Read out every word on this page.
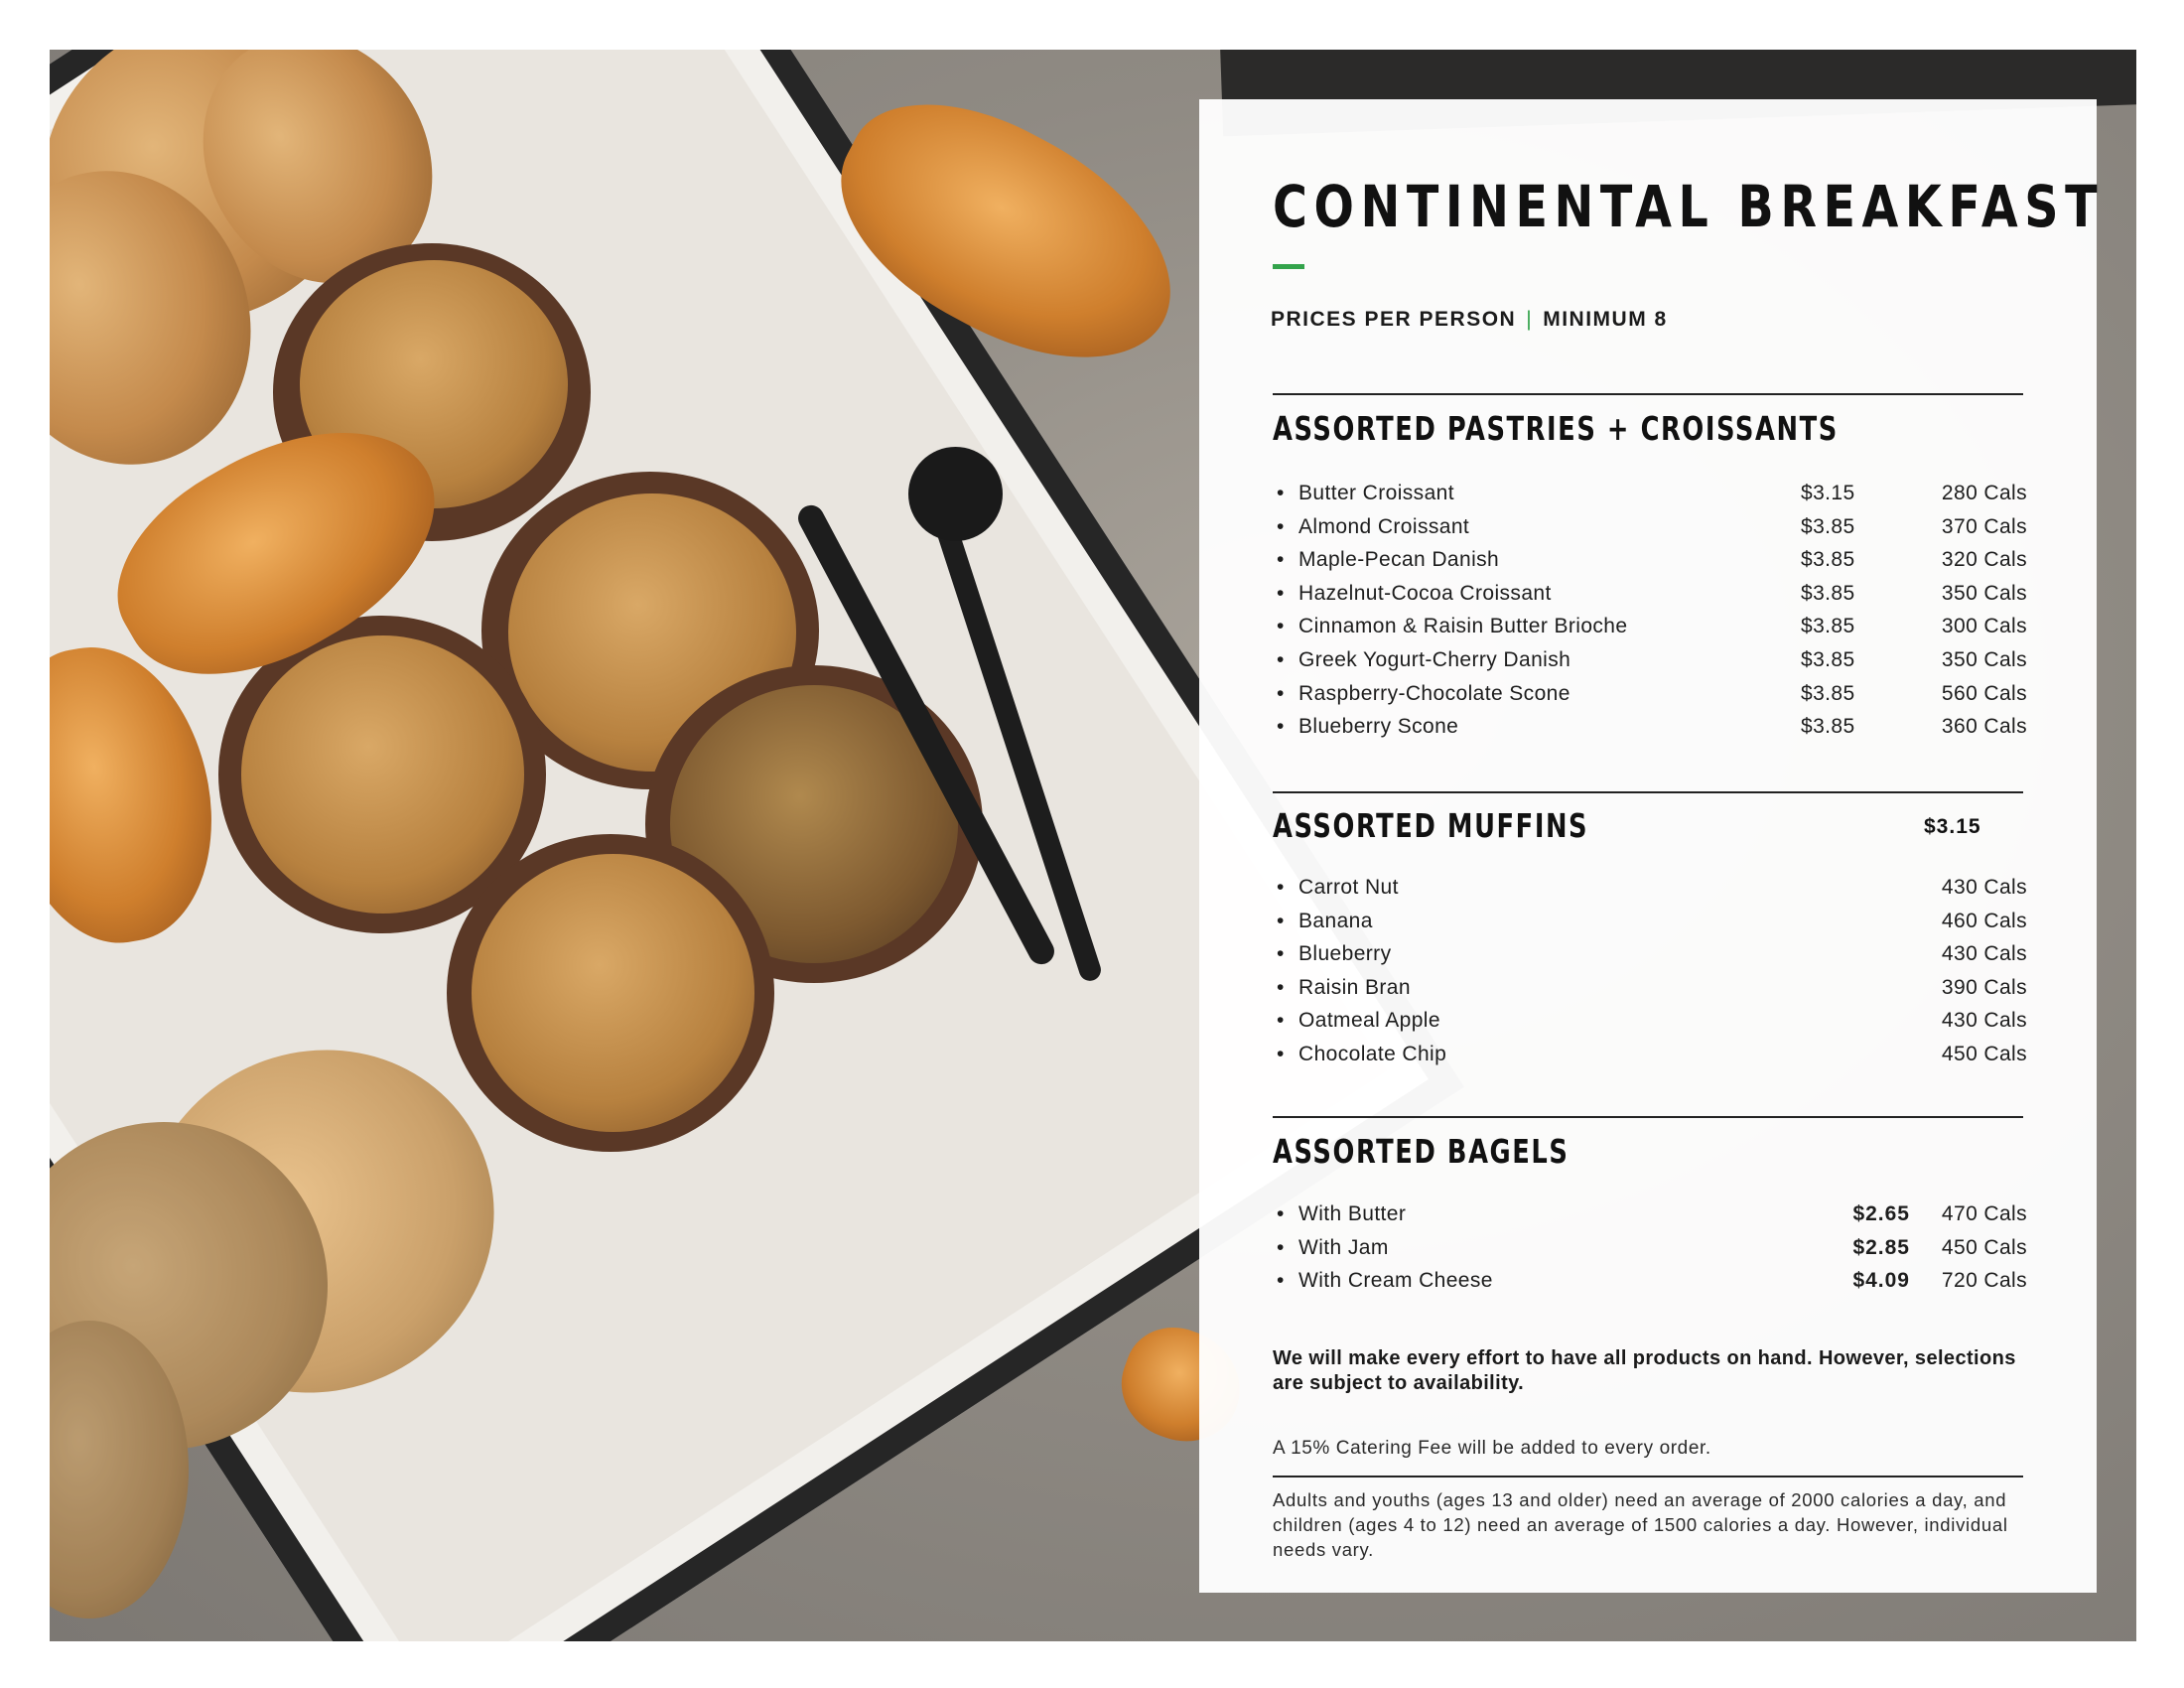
CONTINENTAL BREAKFAST
PRICES PER PERSON | MINIMUM 8
ASSORTED PASTRIES + CROISSANTS
• Butter Croissant	$3.15	280 Cals
• Almond Croissant	$3.85	370 Cals
• Maple-Pecan Danish	$3.85	320 Cals
• Hazelnut-Cocoa Croissant	$3.85	350 Cals
• Cinnamon & Raisin Butter Brioche	$3.85	300 Cals
• Greek Yogurt-Cherry Danish	$3.85	350 Cals
• Raspberry-Chocolate Scone	$3.85	560 Cals
• Blueberry Scone	$3.85	360 Cals
ASSORTED MUFFINS	$3.15
• Carrot Nut	430 Cals
• Banana	460 Cals
• Blueberry	430 Cals
• Raisin Bran	390 Cals
• Oatmeal Apple	430 Cals
• Chocolate Chip	450 Cals
ASSORTED BAGELS
• With Butter	$2.65 470 Cals
• With Jam	$2.85 450 Cals
• With Cream Cheese	$4.09 720 Cals
We will make every effort to have all products on hand. However, selections are subject to availability.
A 15% Catering Fee will be added to every order.
Adults and youths (ages 13 and older) need an average of 2000 calories a day, and children (ages 4 to 12) need an average of 1500 calories a day. However, individual needs vary.
